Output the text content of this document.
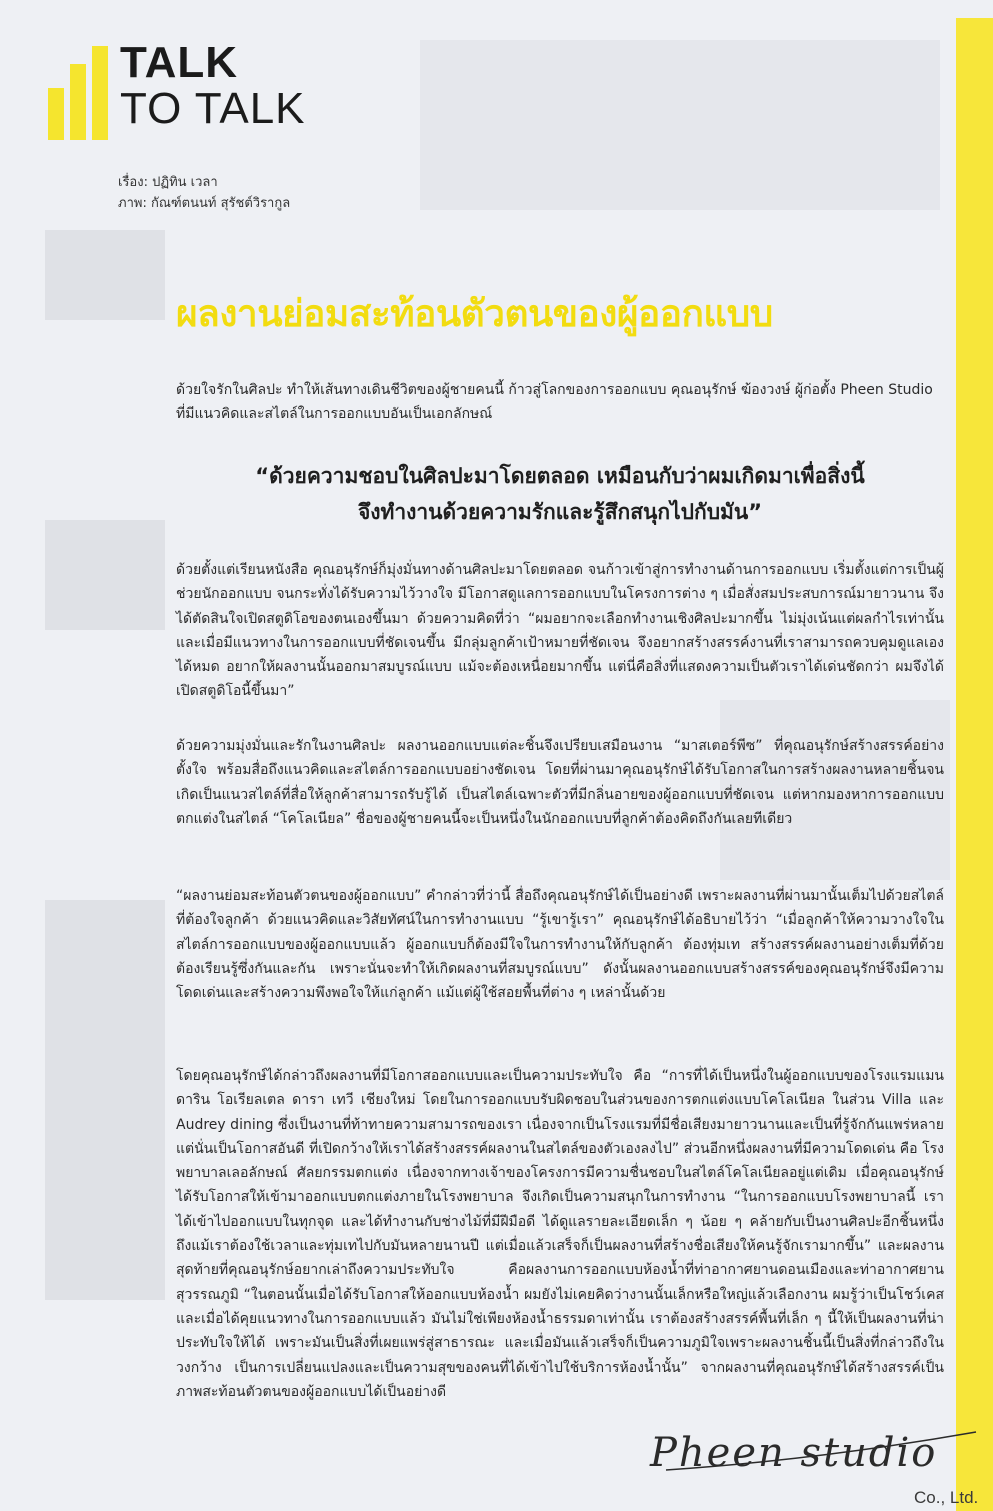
TALK
TO TALK
เรื่อง: ปฏิทิน เวลา
ภาพ: กัณฑ์ตนนท์ สุรัชต์วิรากูล
ผลงานย่อมสะท้อนตัวตนของผู้ออกแบบ
ด้วยใจรักในศิลปะ ทำให้เส้นทางเดินชีวิตของผู้ชายคนนี้ ก้าวสู่โลกของการออกแบบ คุณอนุรักษ์ ฆ้องวงษ์ ผู้ก่อตั้ง Pheen Studio ที่มีแนวคิดและสไตล์ในการออกแบบอันเป็นเอกลักษณ์
“ด้วยความชอบในศิลปะมาโดยตลอด เหมือนกับว่าผมเกิดมาเพื่อสิ่งนี้
จึงทำงานด้วยความรักและรู้สึกสนุกไปกับมัน”
ด้วยตั้งแต่เรียนหนังสือ คุณอนุรักษ์ก็มุ่งมั่นทางด้านศิลปะมาโดยตลอด จนก้าวเข้าสู่การทำงานด้านการออกแบบ เริ่มตั้งแต่การเป็นผู้ช่วยนักออกแบบ จนกระทั่งได้รับความไว้วางใจ มีโอกาสดูแลการออกแบบในโครงการต่าง ๆ เมื่อสั่งสมประสบการณ์มายาวนาน จึงได้ตัดสินใจเปิดสตูดิโอของตนเองขึ้นมา ด้วยความคิดที่ว่า “ผมอยากจะเลือกทำงานเชิงศิลปะมากขึ้น ไม่มุ่งเน้นแต่ผลกำไรเท่านั้น และเมื่อมีแนวทางในการออกแบบที่ชัดเจนขึ้น มีกลุ่มลูกค้าเป้าหมายที่ชัดเจน จึงอยากสร้างสรรค์งานที่เราสามารถควบคุมดูแลเองได้หมด อยากให้ผลงานนั้นออกมาสมบูรณ์แบบ แม้จะต้องเหนื่อยมากขึ้น แต่นี่คือสิ่งที่แสดงความเป็นตัวเราได้เด่นชัดกว่า ผมจึงได้เปิดสตูดิโอนี้ขึ้นมา”
ด้วยความมุ่งมั่นและรักในงานศิลปะ ผลงานออกแบบแต่ละชิ้นจึงเปรียบเสมือนงาน “มาสเตอร์พีซ” ที่คุณอนุรักษ์สร้างสรรค์อย่างตั้งใจ พร้อมสื่อถึงแนวคิดและสไตล์การออกแบบอย่างชัดเจน โดยที่ผ่านมาคุณอนุรักษ์ได้รับโอกาสในการสร้างผลงานหลายชิ้นจนเกิดเป็นแนวสไตล์ที่สื่อให้ลูกค้าสามารถรับรู้ได้ เป็นสไตล์เฉพาะตัวที่มีกลิ่นอายของผู้ออกแบบที่ชัดเจน แต่หากมองหาการออกแบบตกแต่งในสไตล์ “โคโลเนียล” ชื่อของผู้ชายคนนี้จะเป็นหนึ่งในนักออกแบบที่ลูกค้าต้องคิดถึงกันเลยทีเดียว
“ผลงานย่อมสะท้อนตัวตนของผู้ออกแบบ” คำกล่าวที่ว่านี้ สื่อถึงคุณอนุรักษ์ได้เป็นอย่างดี เพราะผลงานที่ผ่านมานั้นเต็มไปด้วยสไตล์ที่ต้องใจลูกค้า ด้วยแนวคิดและวิสัยทัศน์ในการทำงานแบบ “รู้เขารู้เรา” คุณอนุรักษ์ได้อธิบายไว้ว่า “เมื่อลูกค้าให้ความวางใจในสไตล์การออกแบบของผู้ออกแบบแล้ว ผู้ออกแบบก็ต้องมีใจในการทำงานให้กับลูกค้า ต้องทุ่มเท สร้างสรรค์ผลงานอย่างเต็มที่ด้วย ต้องเรียนรู้ซึ่งกันและกัน เพราะนั่นจะทำให้เกิดผลงานที่สมบูรณ์แบบ” ดังนั้นผลงานออกแบบสร้างสรรค์ของคุณอนุรักษ์จึงมีความโดดเด่นและสร้างความพึงพอใจให้แก่ลูกค้า แม้แต่ผู้ใช้สอยพื้นที่ต่าง ๆ เหล่านั้นด้วย
โดยคุณอนุรักษ์ได้กล่าวถึงผลงานที่มีโอกาสออกแบบและเป็นความประทับใจ คือ “การที่ได้เป็นหนึ่งในผู้ออกแบบของโรงแรมแมนดาริน โอเรียลเตล ดารา เทวี เชียงใหม่ โดยในการออกแบบรับผิดชอบในส่วนของการตกแต่งแบบโคโลเนียล ในส่วน Villa และ Audrey dining ซึ่งเป็นงานที่ท้าทายความสามารถของเรา เนื่องจากเป็นโรงแรมที่มีชื่อเสียงมายาวนานและเป็นที่รู้จักกันแพร่หลาย แต่นั่นเป็นโอกาสอันดี ที่เปิดกว้างให้เราได้สร้างสรรค์ผลงานในสไตล์ของตัวเองลงไป” ส่วนอีกหนึ่งผลงานที่มีความโดดเด่น คือ โรงพยาบาลเลอลักษณ์ ศัลยกรรมตกแต่ง เนื่องจากทางเจ้าของโครงการมีความชื่นชอบในสไตล์โคโลเนียลอยู่แต่เดิม เมื่อคุณอนุรักษ์ได้รับโอกาสให้เข้ามาออกแบบตกแต่งภายในโรงพยาบาล จึงเกิดเป็นความสนุกในการทำงาน “ในการออกแบบโรงพยาบาลนี้ เราได้เข้าไปออกแบบในทุกจุด และได้ทำงานกับช่างไม้ที่มีฝีมือดี ได้ดูแลรายละเอียดเล็ก ๆ น้อย ๆ คล้ายกับเป็นงานศิลปะอีกชิ้นหนึ่ง ถึงแม้เราต้องใช้เวลาและทุ่มเทไปกับมันหลายนานปี แต่เมื่อแล้วเสร็จก็เป็นผลงานที่สร้างชื่อเสียงให้คนรู้จักเรามากขึ้น” และผลงานสุดท้ายที่คุณอนุรักษ์อยากเล่าถึงความประทับใจ คือผลงานการออกแบบห้องน้ำที่ท่าอากาศยานดอนเมืองและท่าอากาศยานสุวรรณภูมิ “ในตอนนั้นเมื่อได้รับโอกาสให้ออกแบบห้องน้ำ ผมยังไม่เคยคิดว่างานนั้นเล็กหรือใหญ่แล้วเลือกงาน ผมรู้ว่าเป็นโชว์เคส และเมื่อได้คุยแนวทางในการออกแบบแล้ว มันไม่ใช่เพียงห้องน้ำธรรมดาเท่านั้น เราต้องสร้างสรรค์พื้นที่เล็ก ๆ นี้ให้เป็นผลงานที่น่าประทับใจให้ได้ เพราะมันเป็นสิ่งที่เผยแพร่สู่สาธารณะ และเมื่อมันแล้วเสร็จก็เป็นความภูมิใจเพราะผลงานชิ้นนี้เป็นสิ่งที่กล่าวถึงในวงกว้าง เป็นการเปลี่ยนแปลงและเป็นความสุขของคนที่ได้เข้าไปใช้บริการห้องน้ำนั้น” จากผลงานที่คุณอนุรักษ์ได้สร้างสรรค์เป็นภาพสะท้อนตัวตนของผู้ออกแบบได้เป็นอย่างดี
Pheen studio
Co., Ltd.
